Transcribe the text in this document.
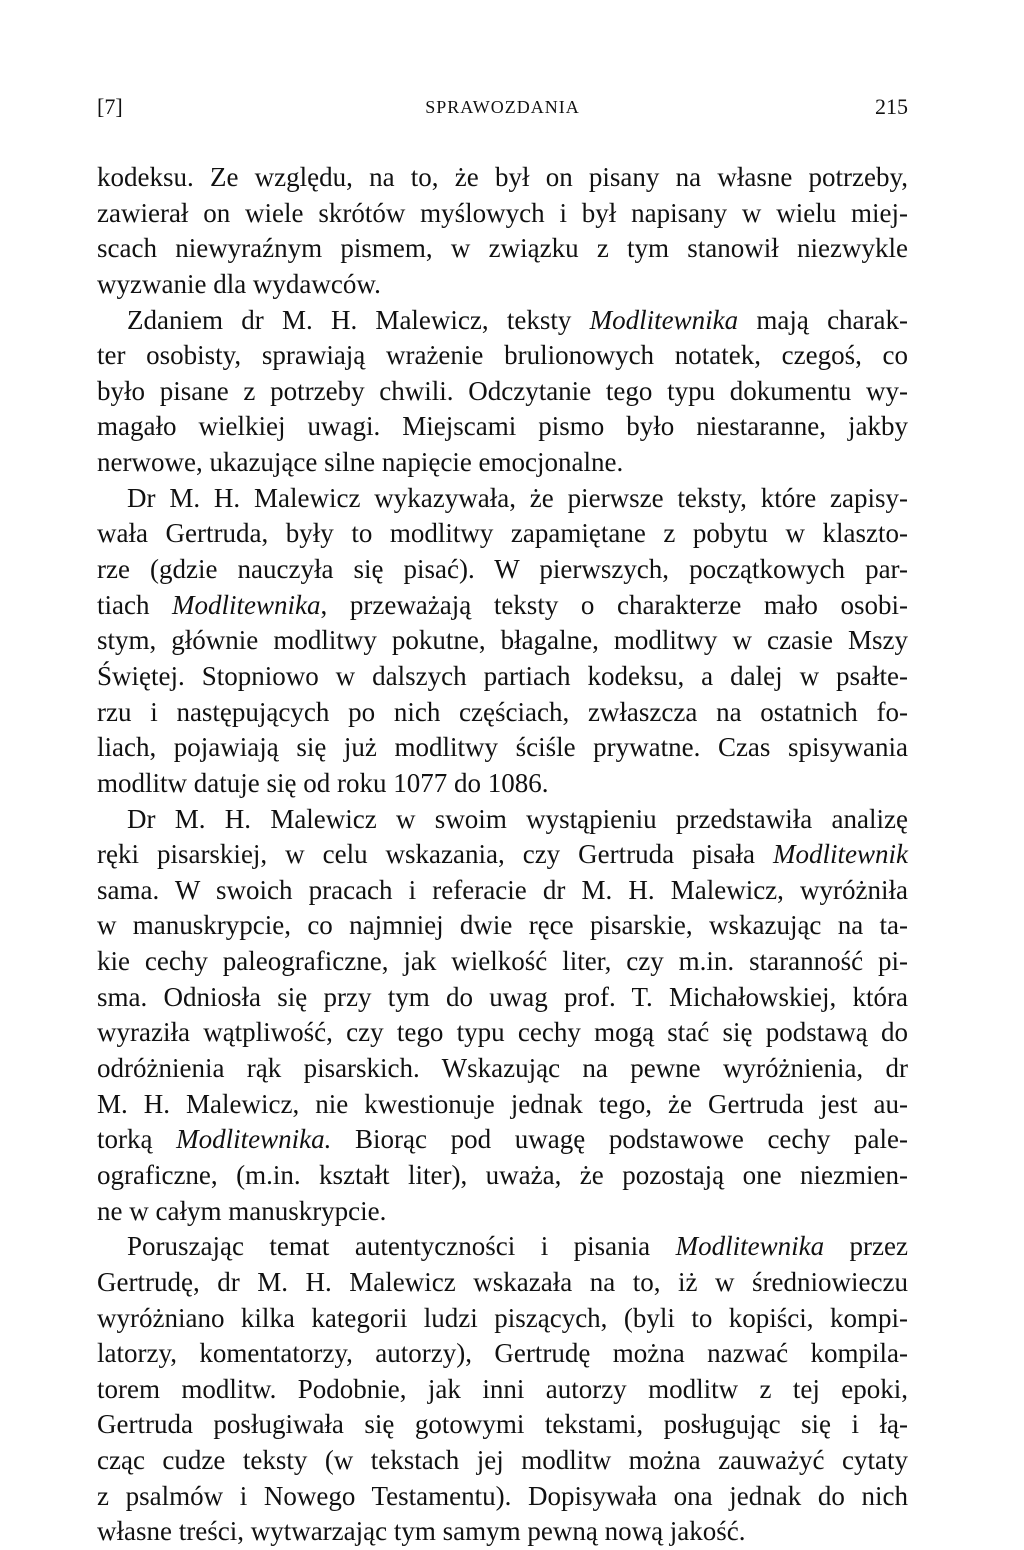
[7]	SPRAWOZDANIA	215
kodeksu. Ze względu, na to, że był on pisany na własne potrzeby,
zawierał on wiele skrótów myślowych i był napisany w wielu miej-
scach niewyraźnym pismem, w związku z tym stanowił niezwykle
wyzwanie dla wydawców.
Zdaniem dr M. H. Malewicz, teksty Modlitewnika mają charak-
ter osobisty, sprawiają wrażenie brulionowych notatek, czegoś, co
było pisane z potrzeby chwili. Odczytanie tego typu dokumentu wy-
magało wielkiej uwagi. Miejscami pismo było niestaranne, jakby
nerwowe, ukazujące silne napięcie emocjonalne.
Dr M. H. Malewicz wykazywała, że pierwsze teksty, które zapisy-
wała Gertruda, były to modlitwy zapamiętane z pobytu w klaszto-
rze (gdzie nauczyła się pisać). W pierwszych, początkowych par-
tiach Modlitewnika, przeważają teksty o charakterze mało osobi-
stym, głównie modlitwy pokutne, błagalne, modlitwy w czasie Mszy
Świętej. Stopniowo w dalszych partiach kodeksu, a dalej w psałte-
rzu i następujących po nich częściach, zwłaszcza na ostatnich fo-
liach, pojawiają się już modlitwy ściśle prywatne. Czas spisywania
modlitw datuje się od roku 1077 do 1086.
Dr M. H. Malewicz w swoim wystąpieniu przedstawiła analizę
ręki pisarskiej, w celu wskazania, czy Gertruda pisała Modlitewnik
sama. W swoich pracach i referacie dr M. H. Malewicz, wyróżniła
w manuskrypcie, co najmniej dwie ręce pisarskie, wskazując na ta-
kie cechy paleograficzne, jak wielkość liter, czy m.in. staranność pi-
sma. Odniosła się przy tym do uwag prof. T. Michałowskiej, która
wyraziła wątpliwość, czy tego typu cechy mogą stać się podstawą do
odróżnienia rąk pisarskich. Wskazując na pewne wyróżnienia, dr
M. H. Malewicz, nie kwestionuje jednak tego, że Gertruda jest au-
torką Modlitewnika. Biorąc pod uwagę podstawowe cechy pale-
ograficzne, (m.in. kształt liter), uważa, że pozostają one niezmien-
ne w całym manuskrypcie.
Poruszając temat autentyczności i pisania Modlitewnika przez
Gertrudę, dr M. H. Malewicz wskazała na to, iż w średniowieczu
wyróżniano kilka kategorii ludzi piszących, (byli to kopiści, kompi-
latorzy, komentatorzy, autorzy), Gertrudę można nazwać kompila-
torem modlitw. Podobnie, jak inni autorzy modlitw z tej epoki,
Gertruda posługiwała się gotowymi tekstami, posługując się i łą-
cząc cudze teksty (w tekstach jej modlitw można zauważyć cytaty
z psalmów i Nowego Testamentu). Dopisywała ona jednak do nich
własne treści, wytwarzając tym samym pewną nową jakość.
